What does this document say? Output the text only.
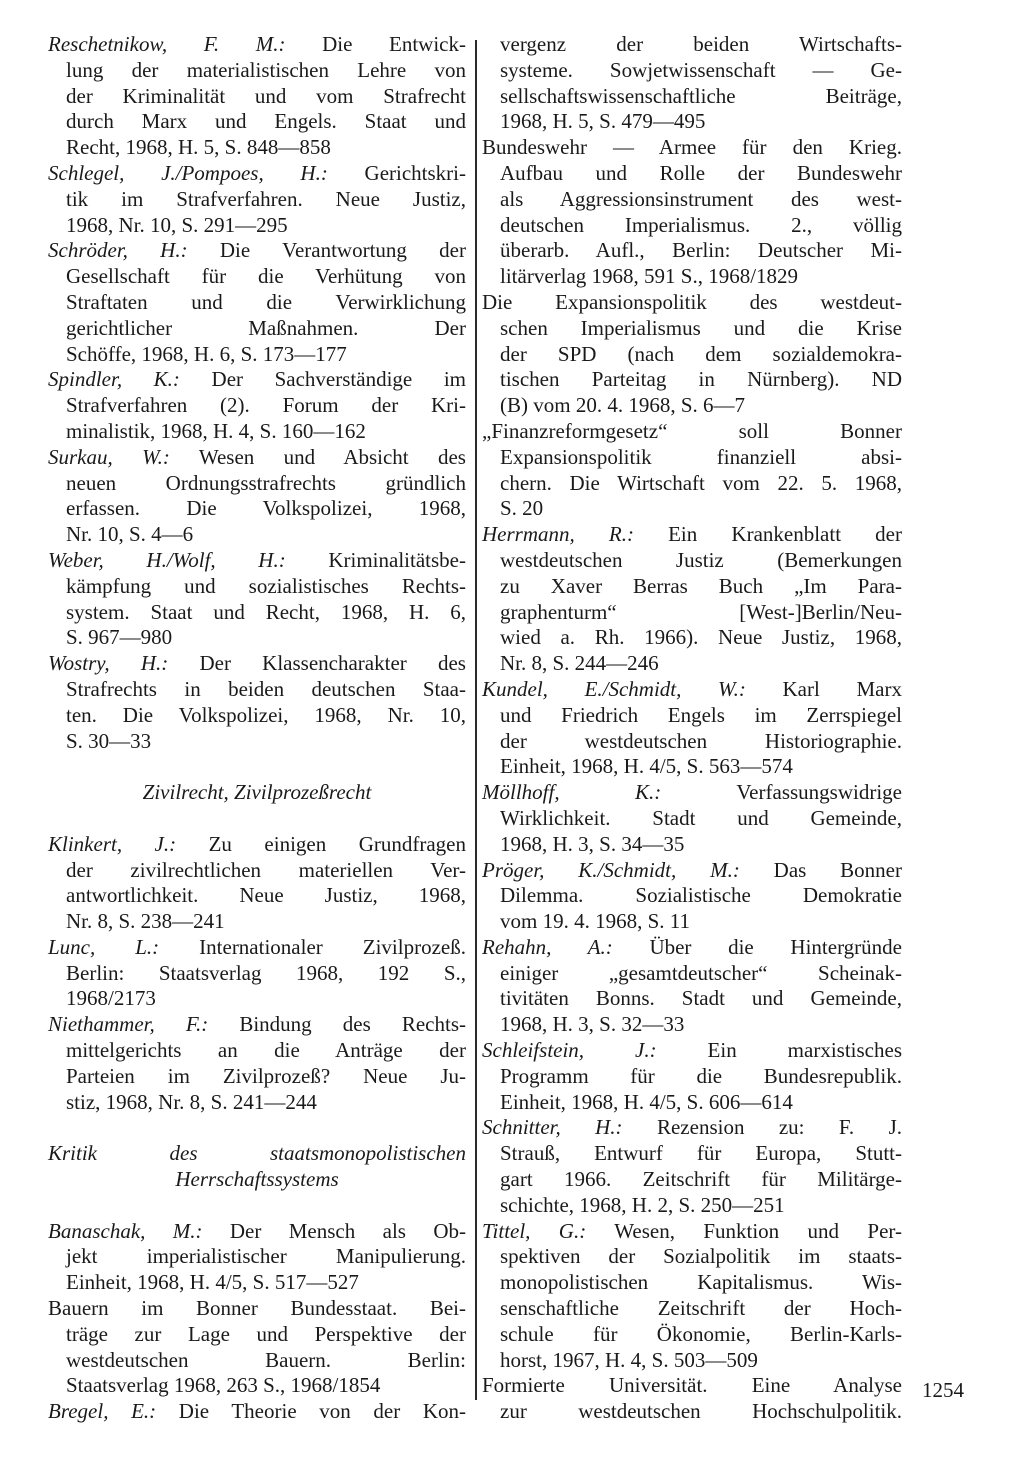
Reschetnikow, F. M.: Die Entwick-
lung der materialistischen Lehre von
der Kriminalität und vom Strafrecht
durch Marx und Engels. Staat und
Recht, 1968, H. 5, S. 848—858
Schlegel, J./Pompoes, H.: Gerichtskri-
tik im Strafverfahren. Neue Justiz,
1968, Nr. 10, S. 291—295
Schröder, H.: Die Verantwortung der
Gesellschaft für die Verhütung von
Straftaten und die Verwirklichung
gerichtlicher Maßnahmen. Der
Schöffe, 1968, H. 6, S. 173—177
Spindler, K.: Der Sachverständige im
Strafverfahren (2). Forum der Kri-
minalistik, 1968, H. 4, S. 160—162
Surkau, W.: Wesen und Absicht des
neuen Ordnungsstrafrechts gründlich
erfassen. Die Volkspolizei, 1968,
Nr. 10, S. 4—6
Weber, H./Wolf, H.: Kriminalitätsbe-
kämpfung und sozialistisches Rechts-
system. Staat und Recht, 1968, H. 6,
S. 967—980
Wostry, H.: Der Klassencharakter des
Strafrechts in beiden deutschen Staa-
ten. Die Volkspolizei, 1968, Nr. 10,
S. 30—33
Zivilrecht, Zivilprozeßrecht
Klinkert, J.: Zu einigen Grundfragen
der zivilrechtlichen materiellen Ver-
antwortlichkeit. Neue Justiz, 1968,
Nr. 8, S. 238—241
Lunc, L.: Internationaler Zivilprozeß.
Berlin: Staatsverlag 1968, 192 S.,
1968/2173
Niethammer, F.: Bindung des Rechts-
mittelgerichts an die Anträge der
Parteien im Zivilprozeß? Neue Ju-
stiz, 1968, Nr. 8, S. 241—244
Kritik des staatsmonopolistischen
Herrschaftssystems
Banaschak, M.: Der Mensch als Ob-
jekt imperialistischer Manipulierung.
Einheit, 1968, H. 4/5, S. 517—527
Bauern im Bonner Bundesstaat. Bei-
träge zur Lage und Perspektive der
westdeutschen Bauern. Berlin:
Staatsverlag 1968, 263 S., 1968/1854
Bregel, E.: Die Theorie von der Kon-
vergenz der beiden Wirtschafts-
systeme. Sowjetwissenschaft — Ge-
sellschaftswissenschaftliche Beiträge,
1968, H. 5, S. 479—495
Bundeswehr — Armee für den Krieg.
Aufbau und Rolle der Bundeswehr
als Aggressionsinstrument des west-
deutschen Imperialismus. 2., völlig
überarb. Aufl., Berlin: Deutscher Mi-
litärverlag 1968, 591 S., 1968/1829
Die Expansionspolitik des westdeut-
schen Imperialismus und die Krise
der SPD (nach dem sozialdemokra-
tischen Parteitag in Nürnberg). ND
(B) vom 20. 4. 1968, S. 6—7
„Finanzreformgesetz“ soll Bonner
Expansionspolitik finanziell absi-
chern. Die Wirtschaft vom 22. 5. 1968,
S. 20
Herrmann, R.: Ein Krankenblatt der
westdeutschen Justiz (Bemerkungen
zu Xaver Berras Buch „Im Para-
graphenturm“ [West-]Berlin/Neu-
wied a. Rh. 1966). Neue Justiz, 1968,
Nr. 8, S. 244—246
Kundel, E./Schmidt, W.: Karl Marx
und Friedrich Engels im Zerrspiegel
der westdeutschen Historiographie.
Einheit, 1968, H. 4/5, S. 563—574
Möllhoff, K.: Verfassungswidrige
Wirklichkeit. Stadt und Gemeinde,
1968, H. 3, S. 34—35
Pröger, K./Schmidt, M.: Das Bonner
Dilemma. Sozialistische Demokratie
vom 19. 4. 1968, S. 11
Rehahn, A.: Über die Hintergründe
einiger „gesamtdeutscher“ Scheinak-
tivitäten Bonns. Stadt und Gemeinde,
1968, H. 3, S. 32—33
Schleifstein, J.: Ein marxistisches
Programm für die Bundesrepublik.
Einheit, 1968, H. 4/5, S. 606—614
Schnitter, H.: Rezension zu: F. J.
Strauß, Entwurf für Europa, Stutt-
gart 1966. Zeitschrift für Militärge-
schichte, 1968, H. 2, S. 250—251
Tittel, G.: Wesen, Funktion und Per-
spektiven der Sozialpolitik im staats-
monopolistischen Kapitalismus. Wis-
senschaftliche Zeitschrift der Hoch-
schule für Ökonomie, Berlin-Karls-
horst, 1967, H. 4, S. 503—509
Formierte Universität. Eine Analyse
zur westdeutschen Hochschulpolitik.
1254
